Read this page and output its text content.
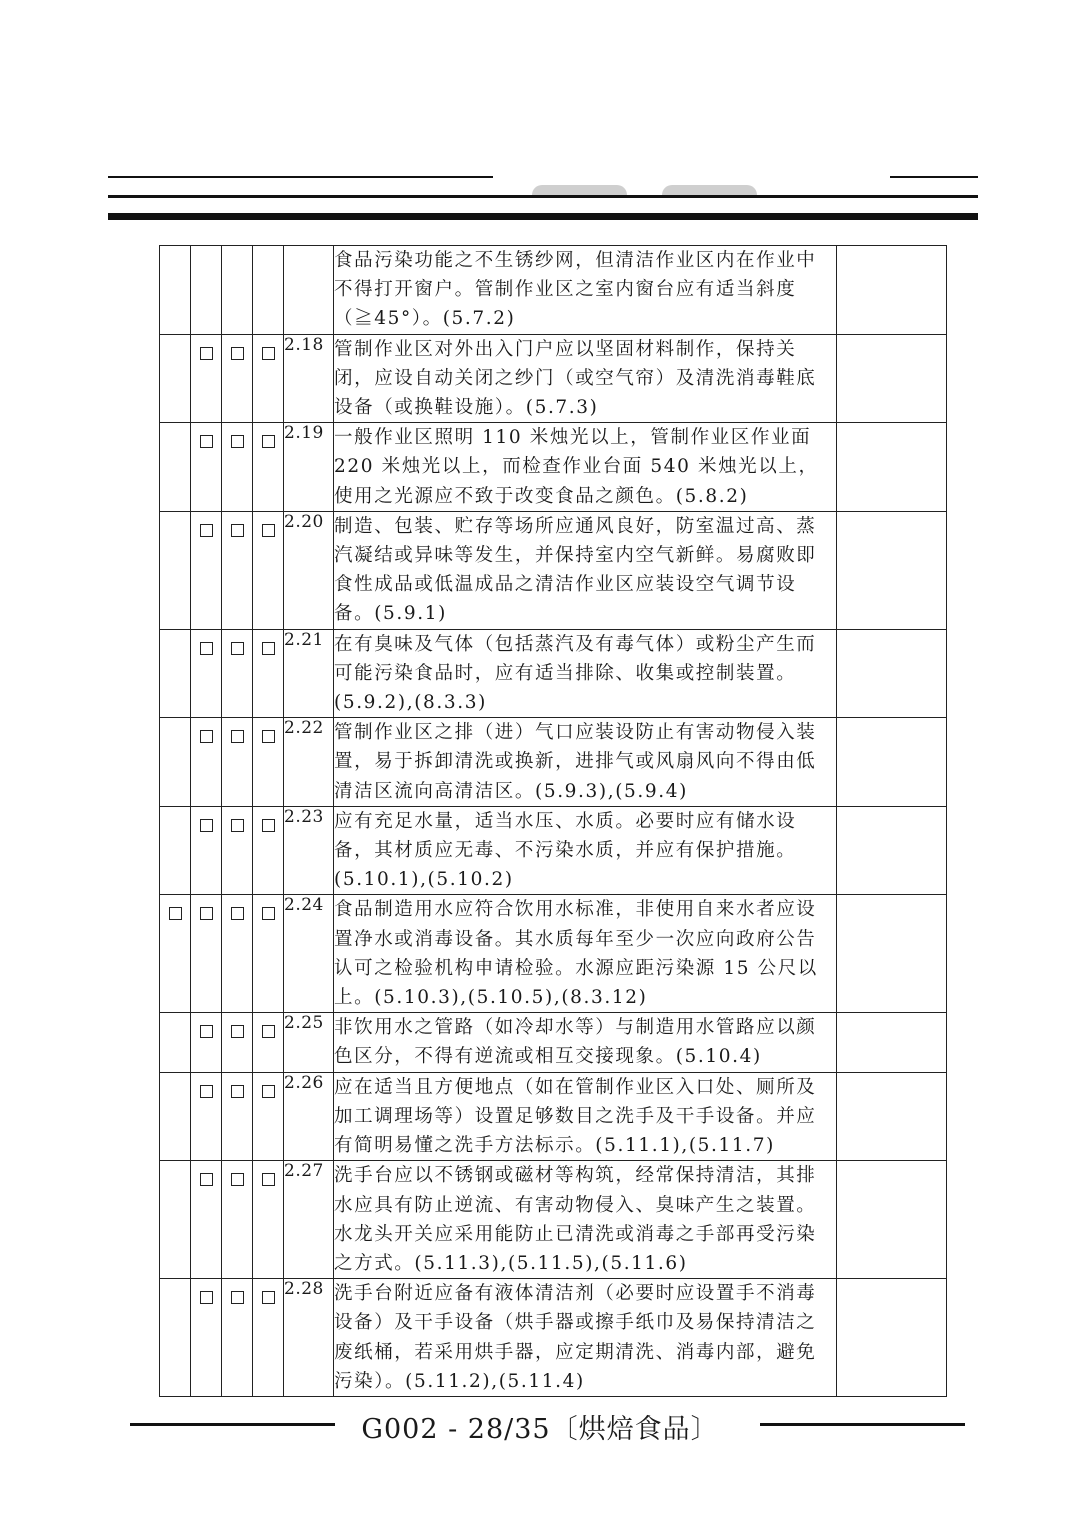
					食品污染功能之不生锈纱网，但清洁作业区内在作业中不得打开窗户。管制作业区之室内窗台应有适当斜度（≧45°）。(5.7.2)	
				2.18	管制作业区对外出入门户应以坚固材料制作，保持关闭，应设自动关闭之纱门（或空气帘）及清洗消毒鞋底设备（或换鞋设施）。(5.7.3)	
				2.19	一般作业区照明 110 米烛光以上，管制作业区作业面 220 米烛光以上，而检查作业台面 540 米烛光以上，使用之光源应不致于改变食品之颜色。(5.8.2)	
				2.20	制造、包装、贮存等场所应通风良好，防室温过高、蒸汽凝结或异味等发生，并保持室内空气新鲜。易腐败即食性成品或低温成品之清洁作业区应装设空气调节设备。(5.9.1)	
				2.21	在有臭味及气体（包括蒸汽及有毒气体）或粉尘产生而可能污染食品时，应有适当排除、收集或控制装置。(5.9.2),(8.3.3)	
				2.22	管制作业区之排（进）气口应装设防止有害动物侵入装置，易于拆卸清洗或换新，进排气或风扇风向不得由低清洁区流向高清洁区。(5.9.3),(5.9.4)	
				2.23	应有充足水量，适当水压、水质。必要时应有储水设备，其材质应无毒、不污染水质，并应有保护措施。(5.10.1),(5.10.2)	
				2.24	食品制造用水应符合饮用水标准，非使用自来水者应设置净水或消毒设备。其水质每年至少一次应向政府公告认可之检验机构申请检验。水源应距污染源 15 公尺以上。(5.10.3),(5.10.5),(8.3.12)	
				2.25	非饮用水之管路（如冷却水等）与制造用水管路应以颜色区分，不得有逆流或相互交接现象。(5.10.4)	
				2.26	应在适当且方便地点（如在管制作业区入口处、厕所及加工调理场等）设置足够数目之洗手及干手设备。并应有简明易懂之洗手方法标示。(5.11.1),(5.11.7)	
				2.27	洗手台应以不锈钢或磁材等构筑，经常保持清洁，其排水应具有防止逆流、有害动物侵入、臭味产生之装置。水龙头开关应采用能防止已清洗或消毒之手部再受污染之方式。(5.11.3),(5.11.5),(5.11.6)	
				2.28	洗手台附近应备有液体清洁剂（必要时应设置手不消毒设备）及干手设备（烘手器或擦手纸巾及易保持清洁之废纸桶，若采用烘手器，应定期清洗、消毒内部，避免污染）。(5.11.2),(5.11.4)	
G002 - 28/35〔烘焙食品〕
